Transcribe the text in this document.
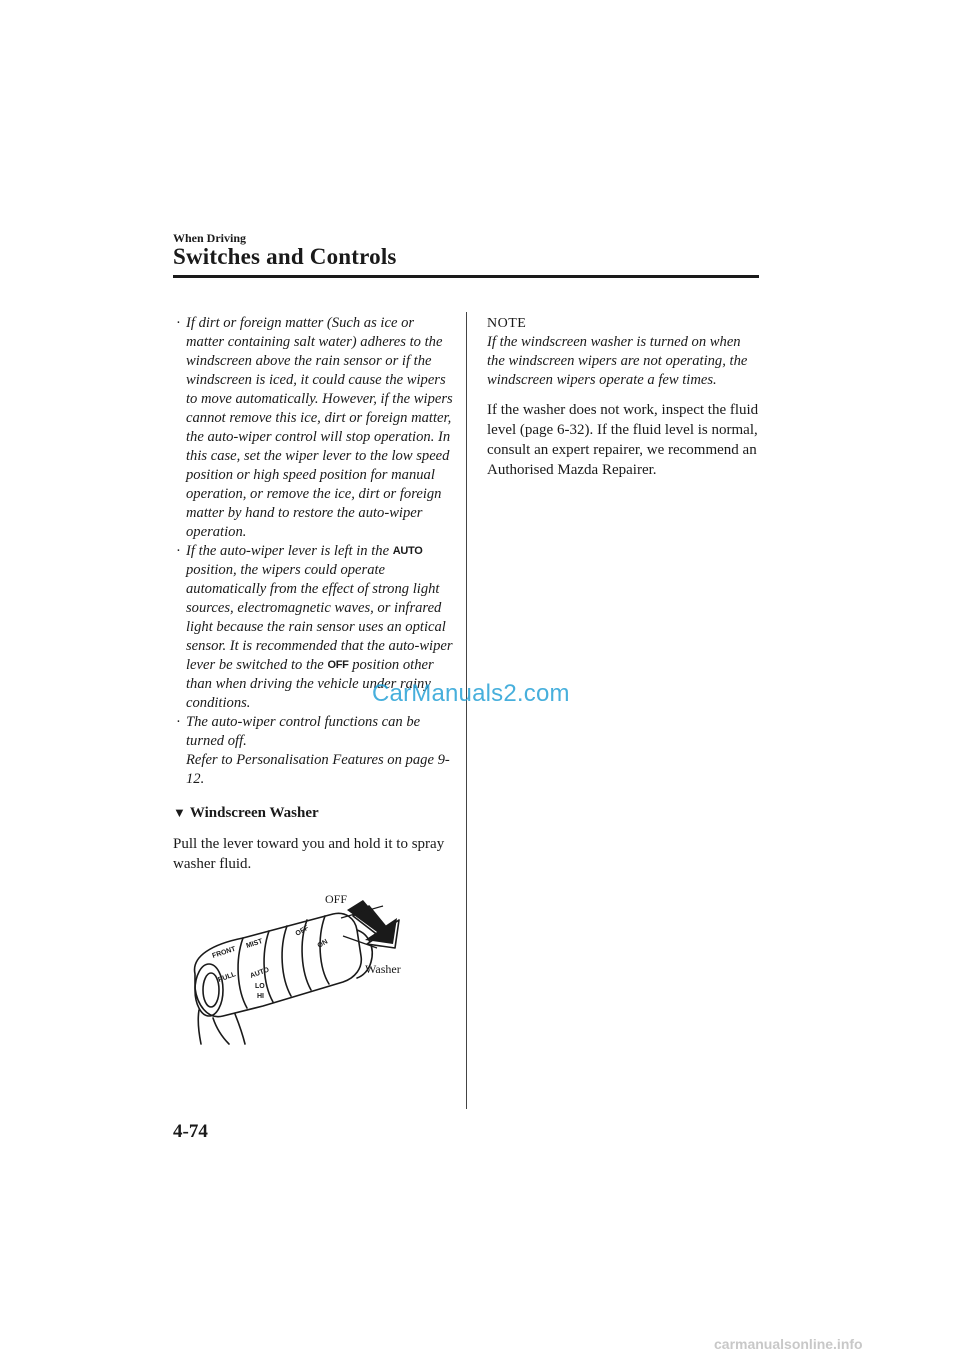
When Driving
Switches and Controls
· If dirt or foreign matter (Such as ice or matter containing salt water) adheres to the windscreen above the rain sensor or if the windscreen is iced, it could cause the wipers to move automatically. However, if the wipers cannot remove this ice, dirt or foreign matter, the auto-wiper control will stop operation. In this case, set the wiper lever to the low speed position or high speed position for manual operation, or remove the ice, dirt or foreign matter by hand to restore the auto-wiper operation.
· If the auto-wiper lever is left in the AUTO position, the wipers could operate automatically from the effect of strong light sources, electromagnetic waves, or infrared light because the rain sensor uses an optical sensor. It is recommended that the auto-wiper lever be switched to the OFF position other than when driving the vehicle under rainy conditions.
· The auto-wiper control functions can be turned off.
Refer to Personalisation Features on page 9-12.
▼ Windscreen Washer
Pull the lever toward you and hold it to spray washer fluid.
FRONT
MIST
OFF
AUTO
LO
HI
PULL
ON
OFF
Washer
NOTE
If the windscreen washer is turned on when the windscreen wipers are not operating, the windscreen wipers operate a few times.
If the washer does not work, inspect the fluid level (page 6-32). If the fluid level is normal, consult an expert repairer, we recommend an Authorised Mazda Repairer.
4-74
CarManuals2.com
carmanualsonline.info
